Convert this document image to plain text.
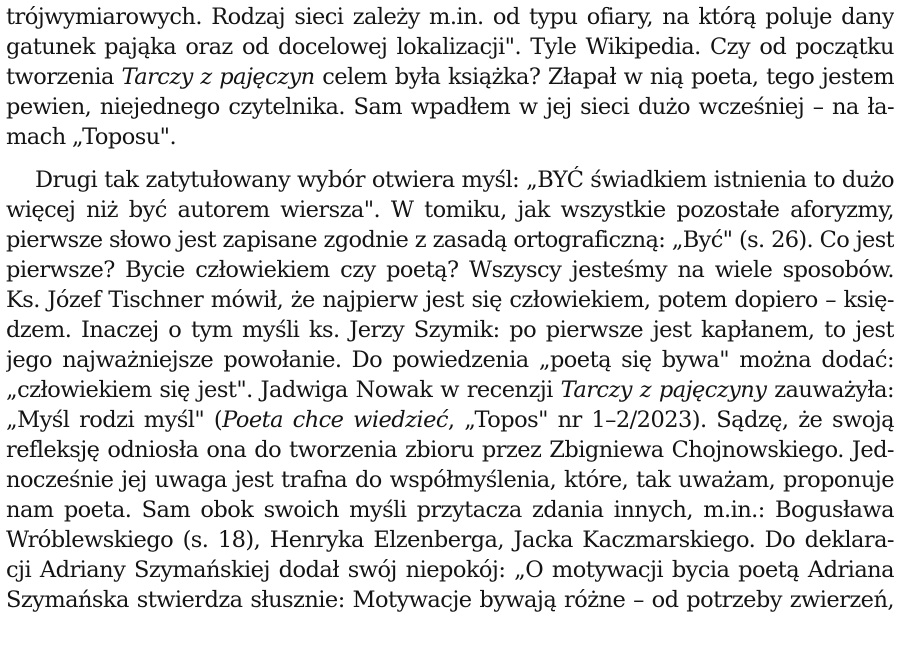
trójwymiarowych. Rodzaj sieci zależy m.in. od typu ofiary, na którą poluje dany
gatunek pająka oraz od docelowej lokalizacji". Tyle Wikipedia. Czy od początku
tworzenia Tarczy z pajęczyn celem była książka? Złapał w nią poeta, tego jestem
pewien, niejednego czytelnika. Sam wpadłem w jej sieci dużo wcześniej – na ła-
mach „Toposu".
Drugi tak zatytułowany wybór otwiera myśl: „BYĆ świadkiem istnienia to dużo
więcej niż być autorem wiersza". W tomiku, jak wszystkie pozostałe aforyzmy,
pierwsze słowo jest zapisane zgodnie z zasadą ortograficzną: „Być" (s. 26). Co jest
pierwsze? Bycie człowiekiem czy poetą? Wszyscy jesteśmy na wiele sposobów.
Ks. Józef Tischner mówił, że najpierw jest się człowiekiem, potem dopiero – księ-
dzem. Inaczej o tym myśli ks. Jerzy Szymik: po pierwsze jest kapłanem, to jest
jego najważniejsze powołanie. Do powiedzenia „poetą się bywa" można dodać:
„człowiekiem się jest". Jadwiga Nowak w recenzji Tarczy z pajęczyny zauważyła:
„Myśl rodzi myśl" (Poeta chce wiedzieć, „Topos" nr 1–2/2023). Sądzę, że swoją
refleksję odniosła ona do tworzenia zbioru przez Zbigniewa Chojnowskiego. Jed-
nocześnie jej uwaga jest trafna do współmyślenia, które, tak uważam, proponuje
nam poeta. Sam obok swoich myśli przytacza zdania innych, m.in.: Bogusława
Wróblewskiego (s. 18), Henryka Elzenberga, Jacka Kaczmarskiego. Do deklara-
cji Adriany Szymańskiej dodał swój niepokój: „O motywacji bycia poetą Adriana
Szymańska stwierdza słusznie: Motywacje bywają różne – od potrzeby zwierzeń,
